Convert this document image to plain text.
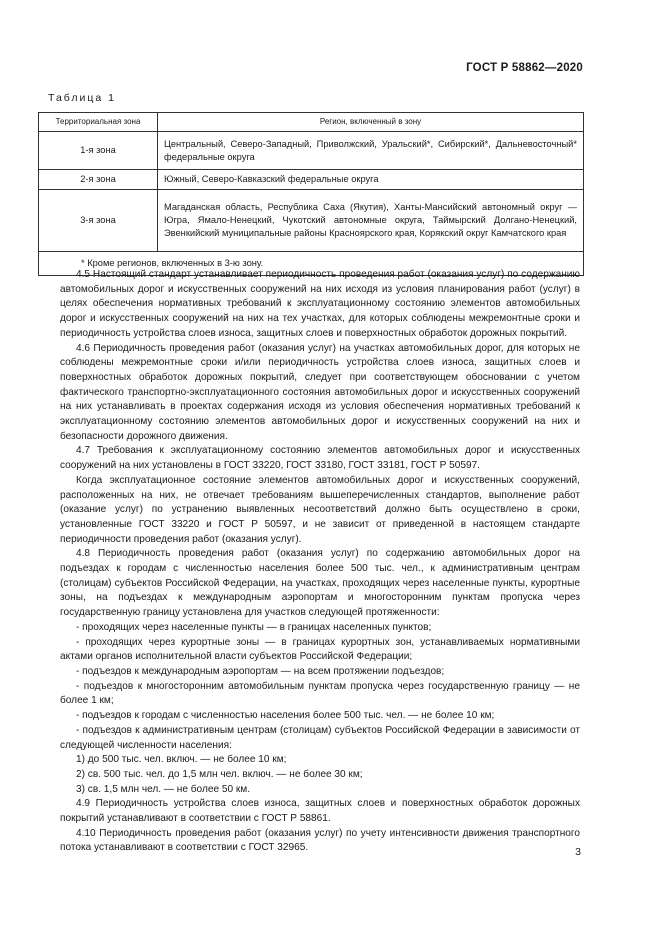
ГОСТ Р 58862—2020
Таблица 1
Территориальная зона	Регион, включенный в зону
1-я зона	Центральный, Северо-Западный, Приволжский, Уральский*, Сибирский*, Дальневосточный* федеральные округа
2-я зона	Южный, Северо-Кавказский федеральные округа
3-я зона	Магаданская область, Республика Саха (Якутия), Ханты-Мансийский автономный округ — Югра, Ямало-Ненецкий, Чукотский автономные округа, Таймырский Долгано-Ненецкий, Эвенкийский муниципальные районы Красноярского края, Корякский округ Камчатского края
* Кроме регионов, включенных в 3-ю зону.	

4.5 Настоящий стандарт устанавливает периодичность проведения работ (оказания услуг) по содержанию автомобильных дорог и искусственных сооружений на них исходя из условия планирования работ (услуг) в целях обеспечения нормативных требований к эксплуатационному состоянию элементов автомобильных дорог и искусственных сооружений на них на тех участках, для которых соблюдены межремонтные сроки и периодичность устройства слоев износа, защитных слоев и поверхностных обработок дорожных покрытий.

4.6 Периодичность проведения работ (оказания услуг) на участках автомобильных дорог, для которых не соблюдены межремонтные сроки и/или периодичность устройства слоев износа, защитных слоев и поверхностных обработок дорожных покрытий, следует при соответствующем обосновании с учетом фактического транспортно-эксплуатационного состояния автомобильных дорог и искусственных сооружений на них устанавливать в проектах содержания исходя из условия обеспечения нормативных требований к эксплуатационному состоянию элементов автомобильных дорог и искусственных сооружений на них и безопасности дорожного движения.

4.7 Требования к эксплуатационному состоянию элементов автомобильных дорог и искусственных сооружений на них установлены в ГОСТ 33220, ГОСТ 33180, ГОСТ 33181, ГОСТ Р 50597.

Когда эксплуатационное состояние элементов автомобильных дорог и искусственных сооружений, расположенных на них, не отвечает требованиям вышеперечисленных стандартов, выполнение работ (оказание услуг) по устранению выявленных несоответствий должно быть осуществлено в сроки, установленные ГОСТ 33220 и ГОСТ Р 50597, и не зависит от приведенной в настоящем стандарте периодичности проведения работ (оказания услуг).

4.8 Периодичность проведения работ (оказания услуг) по содержанию автомобильных дорог на подъездах к городам с численностью населения более 500 тыс. чел., к административным центрам (столицам) субъектов Российской Федерации, на участках, проходящих через населенные пункты, курортные зоны, на подъездах к международным аэропортам и многосторонним пунктам пропуска через государственную границу установлена для участков следующей протяженности:

- проходящих через населенные пункты — в границах населенных пунктов;

- проходящих через курортные зоны — в границах курортных зон, устанавливаемых нормативными актами органов исполнительной власти субъектов Российской Федерации;

- подъездов к международным аэропортам — на всем протяжении подъездов;

- подъездов к многосторонним автомобильным пунктам пропуска через государственную границу — не более 1 км;

- подъездов к городам с численностью населения более 500 тыс. чел. — не более 10 км;

- подъездов к административным центрам (столицам) субъектов Российской Федерации в зависимости от следующей численности населения:

1) до 500 тыс. чел. включ. — не более 10 км;

2) св. 500 тыс. чел. до 1,5 млн чел. включ. — не более 30 км;

3) св. 1,5 млн чел. — не более 50 км.

4.9 Периодичность устройства слоев износа, защитных слоев и поверхностных обработок дорожных покрытий устанавливают в соответствии с ГОСТ Р 58861.

4.10 Периодичность проведения работ (оказания услуг) по учету интенсивности движения транспортного потока устанавливают в соответствии с ГОСТ 32965.	3
